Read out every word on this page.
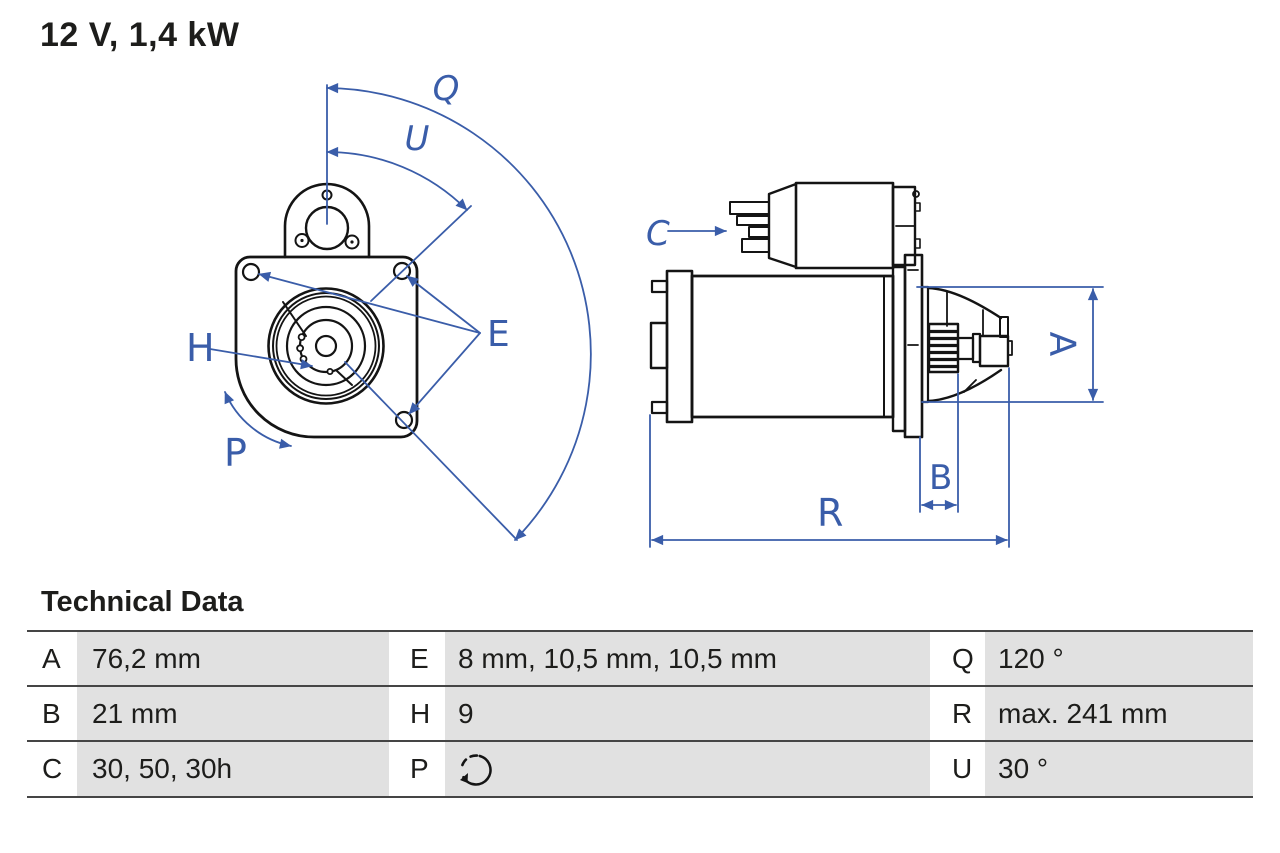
12 V, 1,4 kW
Q
U
E
H
P
C
A
B
R
Technical Data
A	76,2 mm	E	8 mm, 10,5 mm, 10,5 mm	Q 120 °
B	21 mm	H 9	R max. 241 mm
C	30, 50, 30h	P	U 30 °
